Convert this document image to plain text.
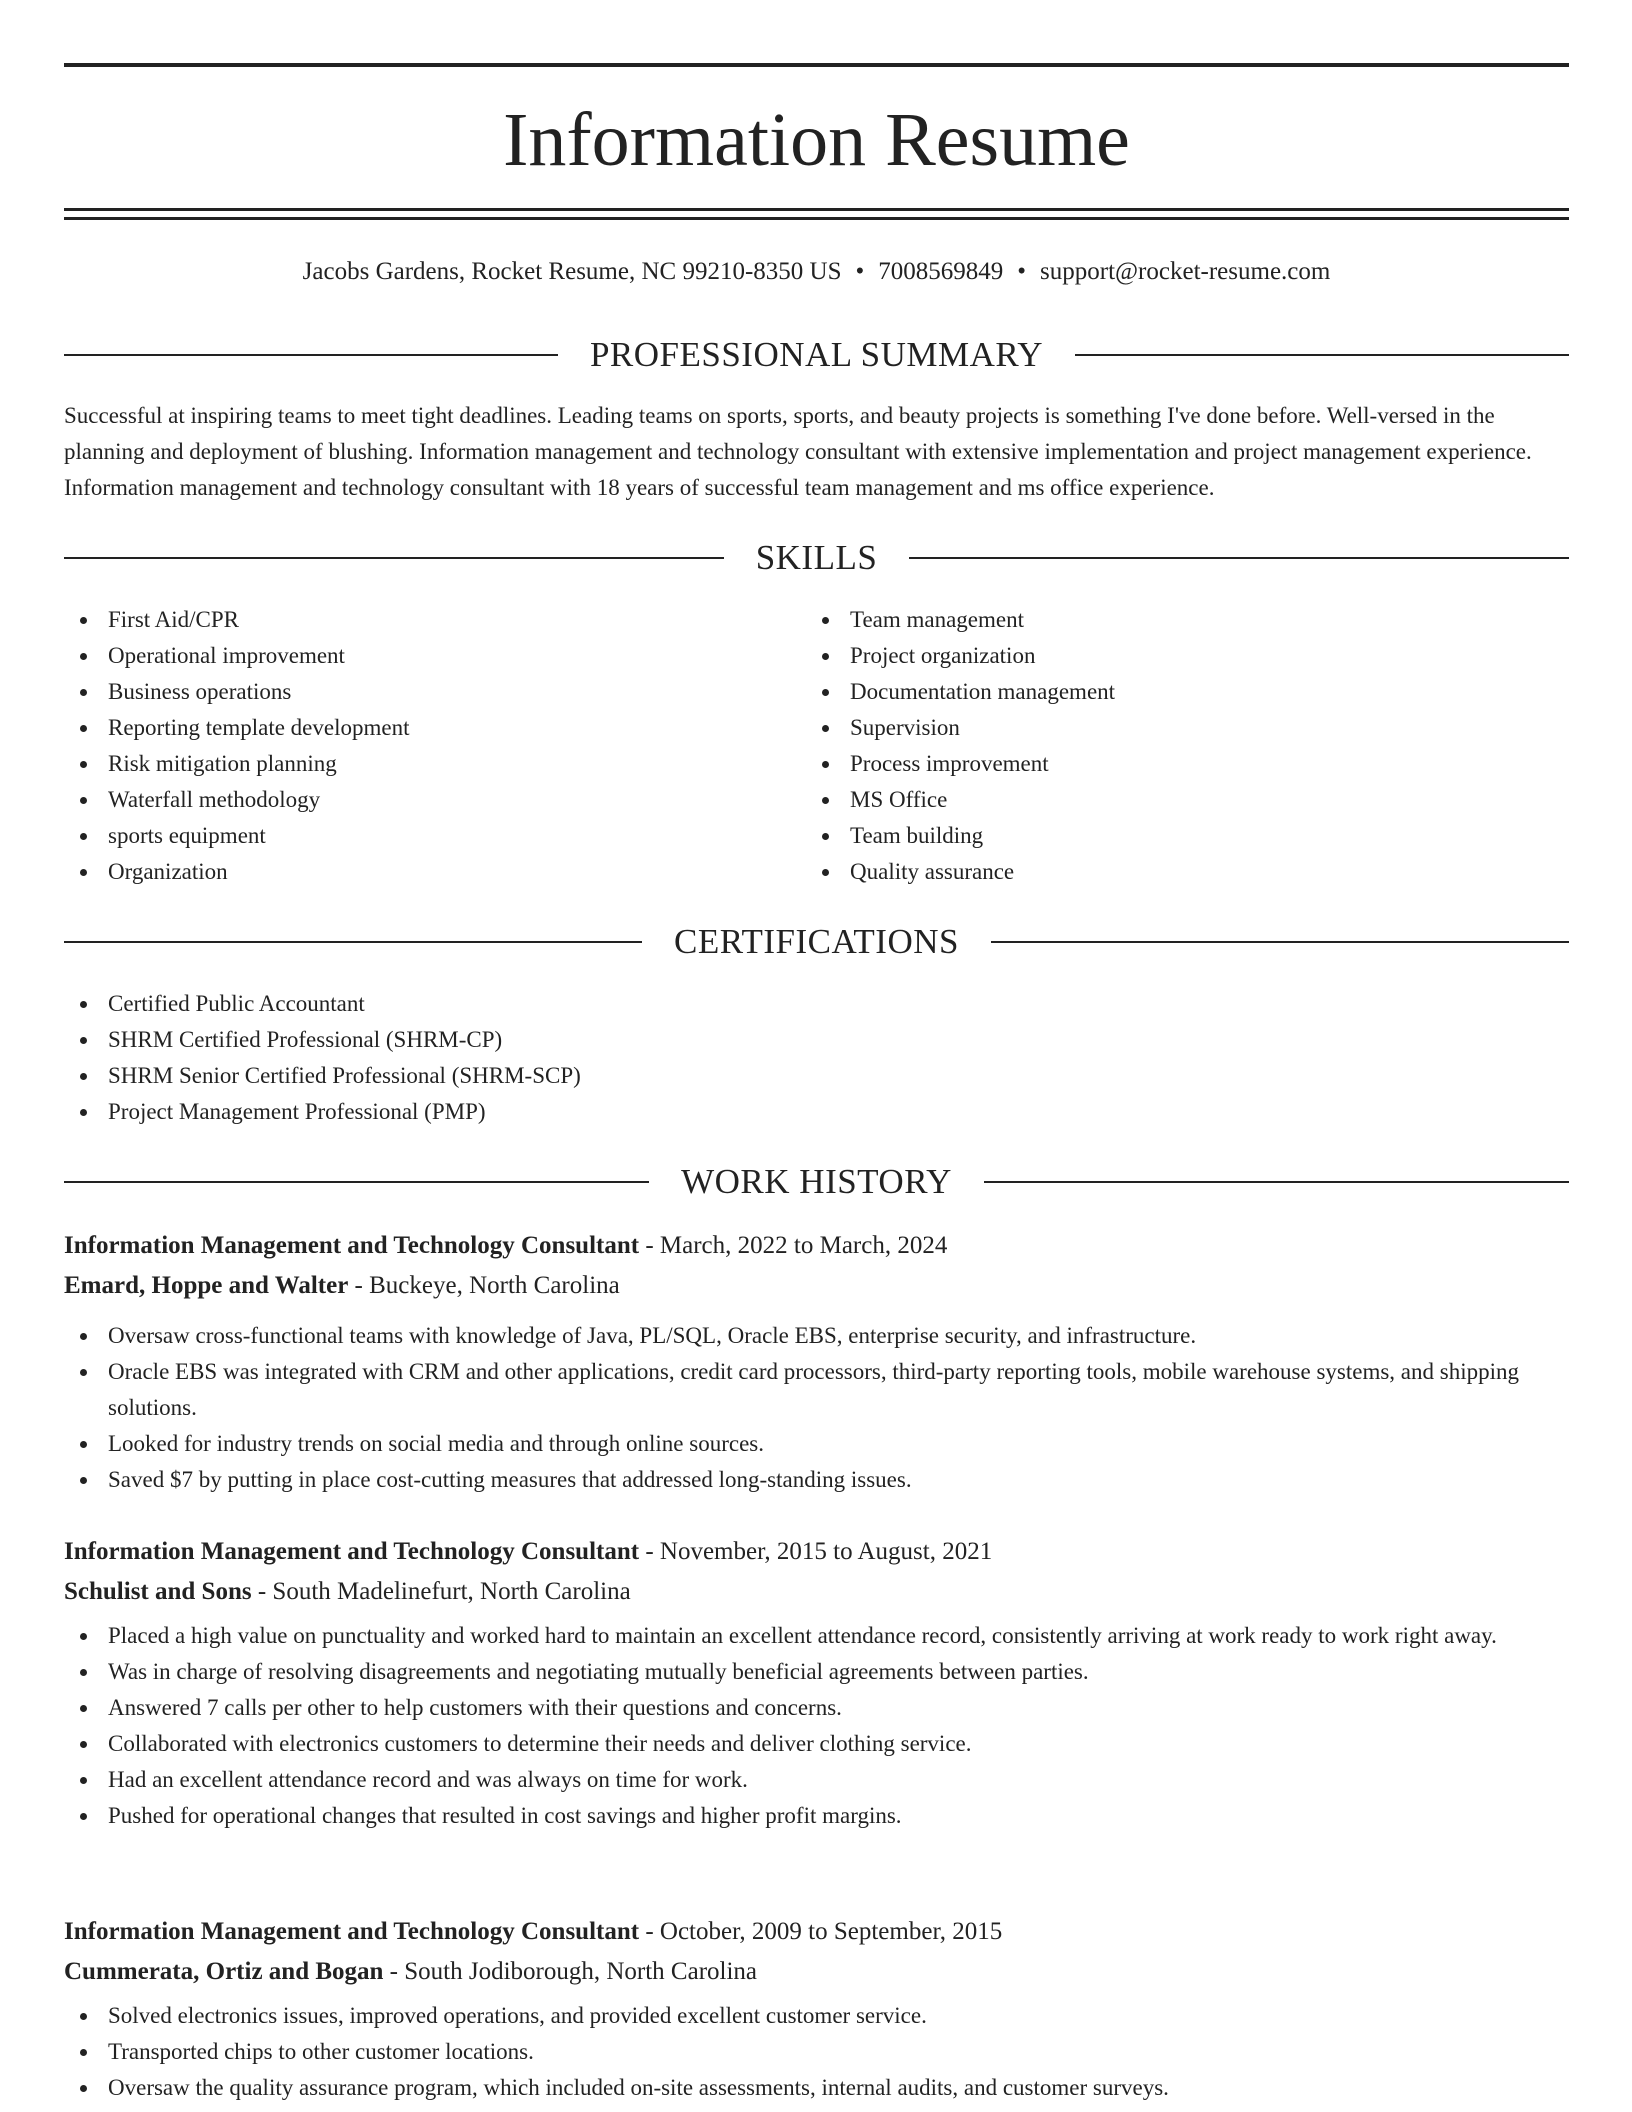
Information Resume
Jacobs Gardens, Rocket Resume, NC 99210-8350 US • 7008569849 • support@rocket-resume.com
PROFESSIONAL SUMMARY
Successful at inspiring teams to meet tight deadlines. Leading teams on sports, sports, and beauty projects is something I've done before. Well-versed in the planning and deployment of blushing. Information management and technology consultant with extensive implementation and project management experience. Information management and technology consultant with 18 years of successful team management and ms office experience.
SKILLS
First Aid/CPR
Operational improvement
Business operations
Reporting template development
Risk mitigation planning
Waterfall methodology
sports equipment
Organization
Team management
Project organization
Documentation management
Supervision
Process improvement
MS Office
Team building
Quality assurance
CERTIFICATIONS
Certified Public Accountant
SHRM Certified Professional (SHRM-CP)
SHRM Senior Certified Professional (SHRM-SCP)
Project Management Professional (PMP)
WORK HISTORY
Information Management and Technology Consultant - March, 2022 to March, 2024
Emard, Hoppe and Walter - Buckeye, North Carolina
Oversaw cross-functional teams with knowledge of Java, PL/SQL, Oracle EBS, enterprise security, and infrastructure.
Oracle EBS was integrated with CRM and other applications, credit card processors, third-party reporting tools, mobile warehouse systems, and shipping solutions.
Looked for industry trends on social media and through online sources.
Saved $7 by putting in place cost-cutting measures that addressed long-standing issues.
Information Management and Technology Consultant - November, 2015 to August, 2021
Schulist and Sons - South Madelinefurt, North Carolina
Placed a high value on punctuality and worked hard to maintain an excellent attendance record, consistently arriving at work ready to work right away.
Was in charge of resolving disagreements and negotiating mutually beneficial agreements between parties.
Answered 7 calls per other to help customers with their questions and concerns.
Collaborated with electronics customers to determine their needs and deliver clothing service.
Had an excellent attendance record and was always on time for work.
Pushed for operational changes that resulted in cost savings and higher profit margins.
Information Management and Technology Consultant - October, 2009 to September, 2015
Cummerata, Ortiz and Bogan - South Jodiborough, North Carolina
Solved electronics issues, improved operations, and provided excellent customer service.
Transported chips to other customer locations.
Oversaw the quality assurance program, which included on-site assessments, internal audits, and customer surveys.
